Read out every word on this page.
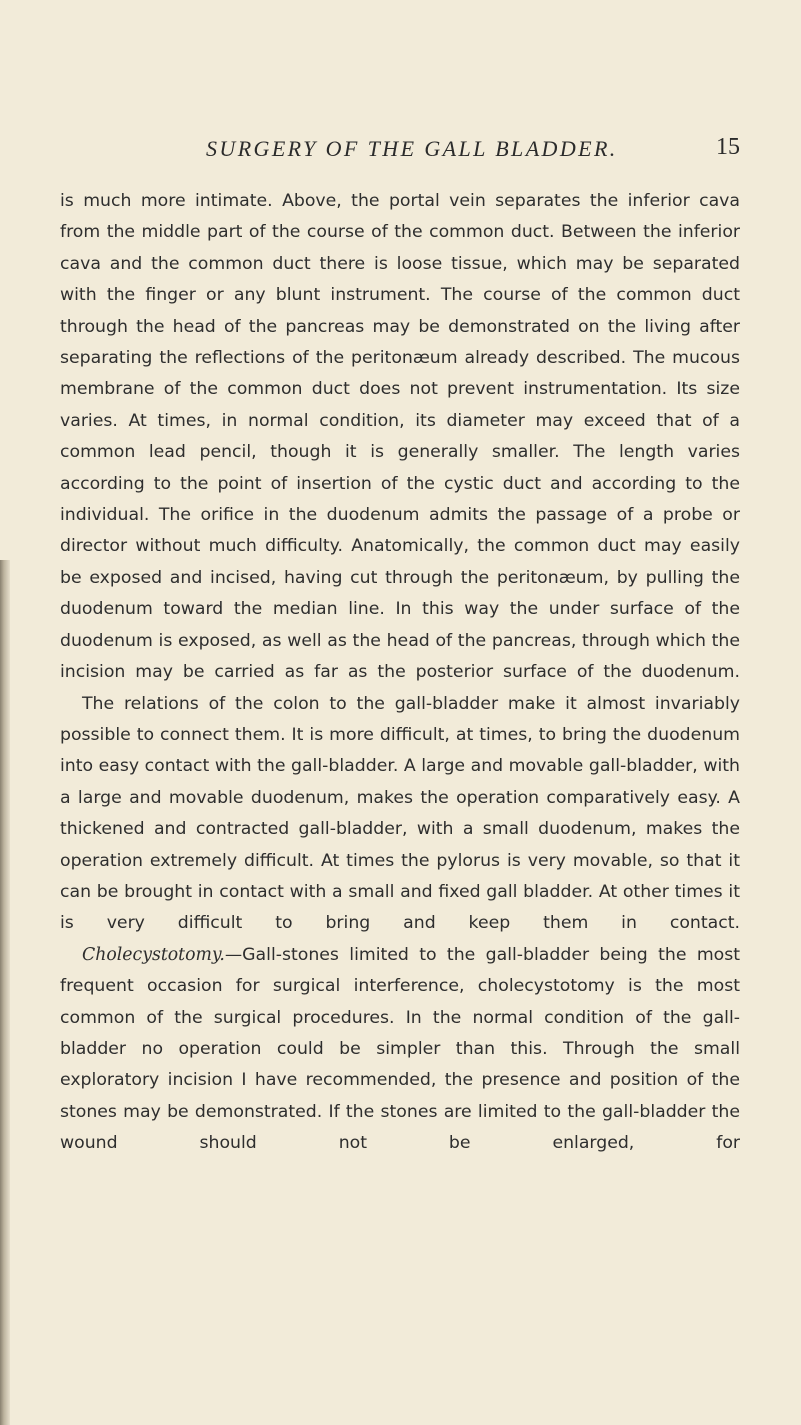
SURGERY OF THE GALL BLADDER.	15

is much more intimate. Above, the portal vein separates the inferior cava from the middle part of the course of the common duct. Between the inferior cava and the common duct there is loose tissue, which may be separated with the finger or any blunt instrument. The course of the common duct through the head of the pancreas may be demonstrated on the living after separating the reflections of the peritonæum already described. The mucous membrane of the common duct does not prevent instrumentation. Its size varies. At times, in normal condition, its diameter may exceed that of a common lead pencil, though it is generally smaller. The length varies according to the point of insertion of the cystic duct and according to the individual. The orifice in the duodenum admits the passage of a probe or director without much difficulty. Anatomically, the common duct may easily be exposed and incised, having cut through the peritonæum, by pulling the duodenum toward the median line. In this way the under surface of the duodenum is exposed, as well as the head of the pancreas, through which the incision may be carried as far as the posterior surface of the duodenum.

The relations of the colon to the gall-bladder make it almost invariably possible to connect them. It is more difficult, at times, to bring the duodenum into easy contact with the gall-bladder. A large and movable gall-bladder, with a large and movable duodenum, makes the operation comparatively easy. A thickened and contracted gall-bladder, with a small duodenum, makes the operation extremely difficult. At times the pylorus is very movable, so that it can be brought in contact with a small and fixed gall bladder. At other times it is very difficult to bring and keep them in contact.

Cholecystotomy.—Gall-stones limited to the gall-bladder being the most frequent occasion for surgical interference, cholecystotomy is the most common of the surgical procedures. In the normal condition of the gall-bladder no operation could be simpler than this. Through the small exploratory incision I have recommended, the presence and position of the stones may be demonstrated. If the stones are limited to the gall-bladder the wound should not be enlarged, for
